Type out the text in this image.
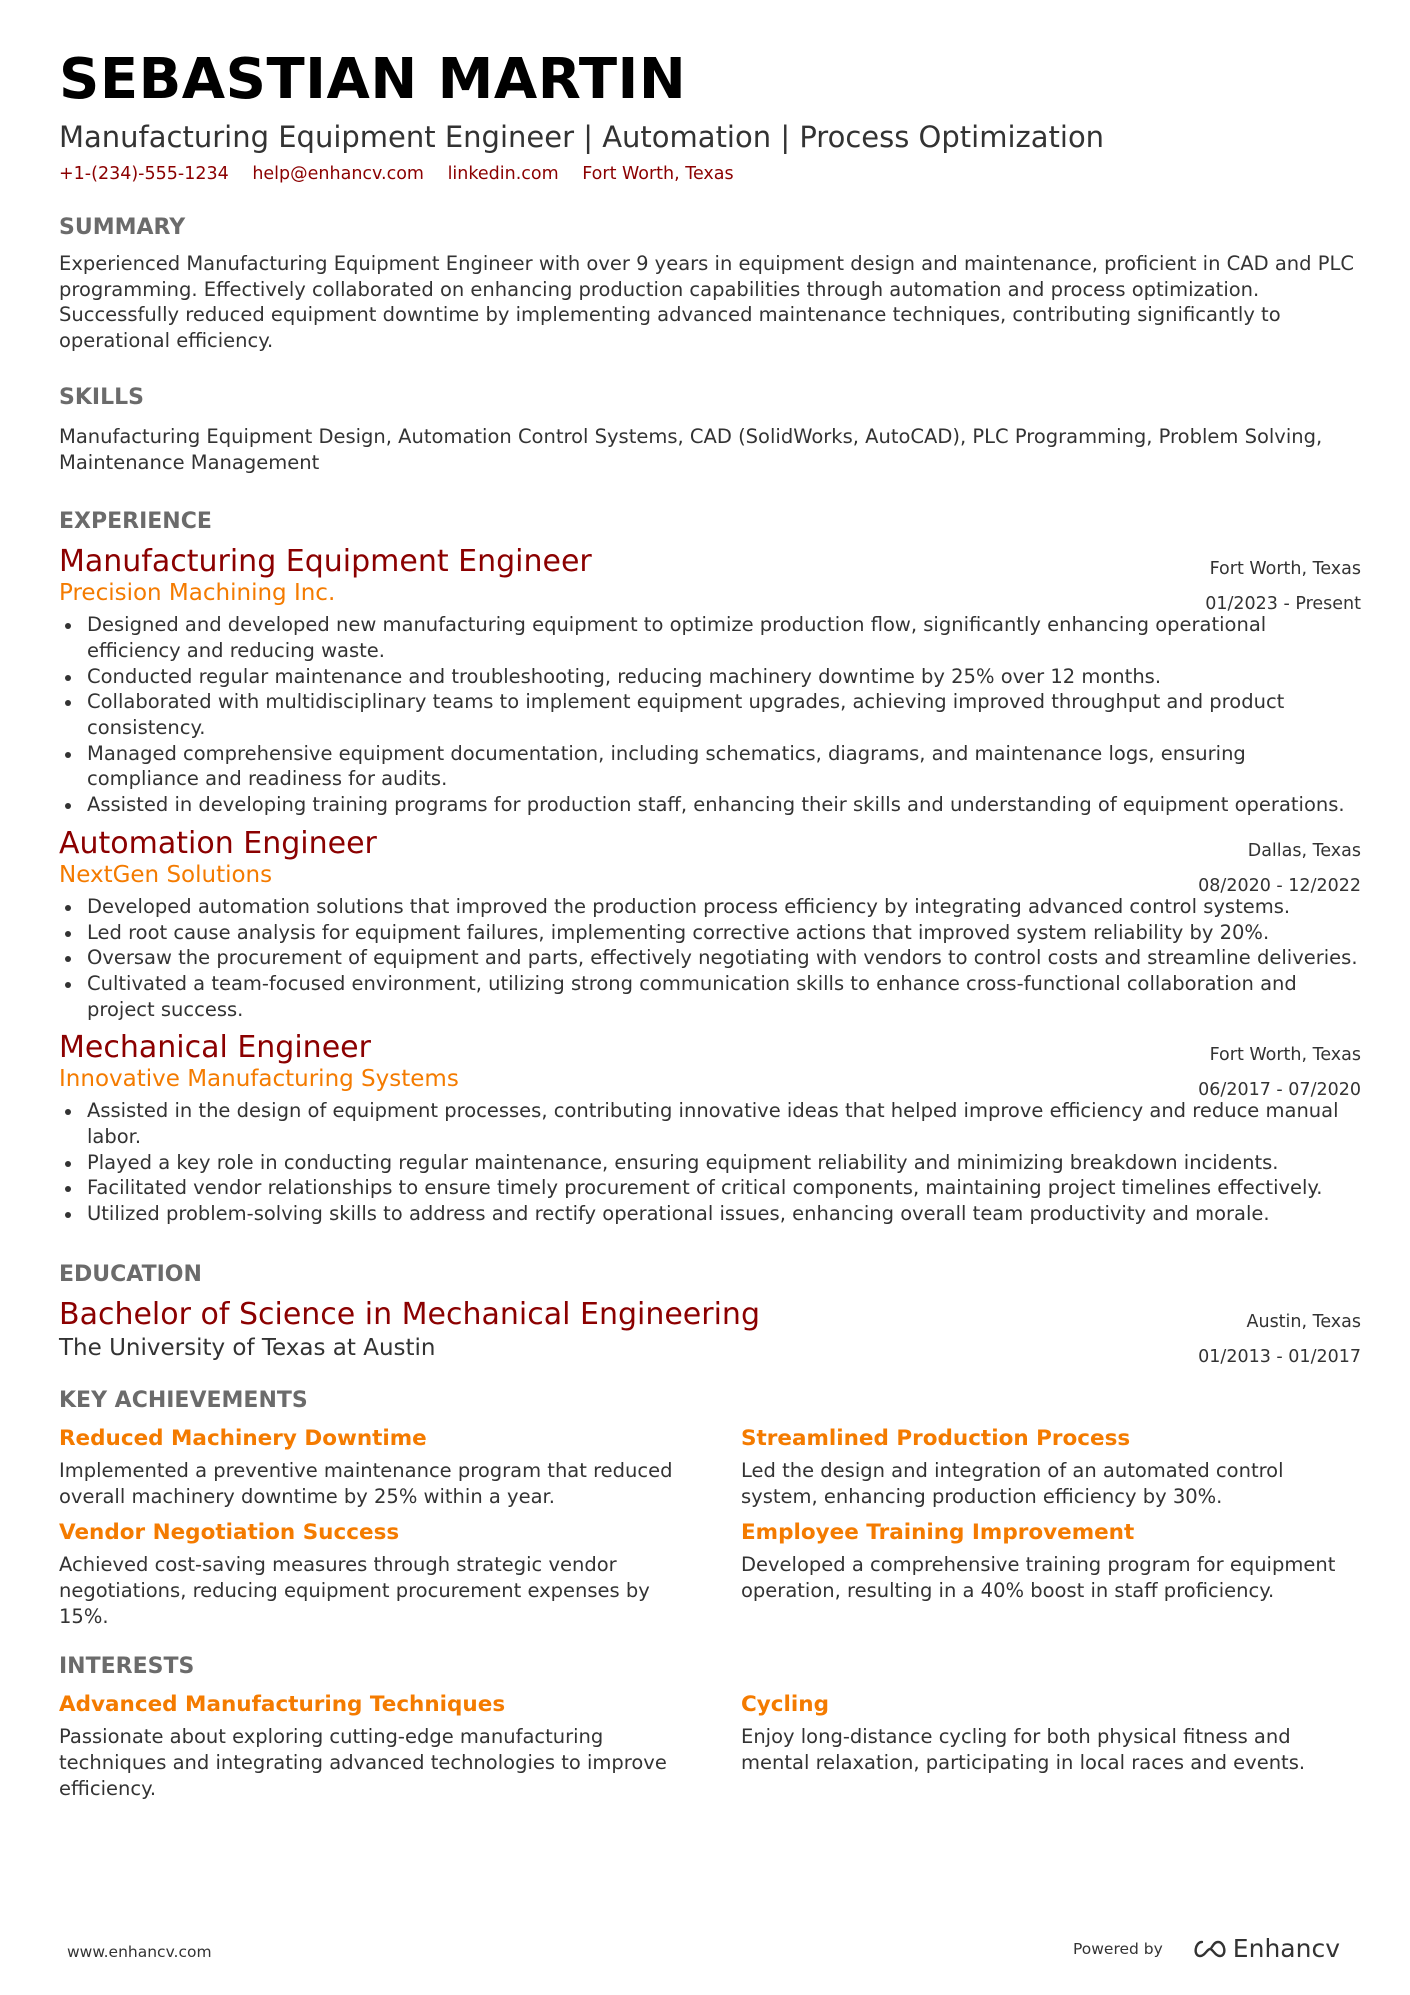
SEBASTIAN MARTIN
Manufacturing Equipment Engineer | Automation | Process Optimization
+1-(234)-555-1234 help@enhancv.com linkedin.com Fort Worth, Texas
SUMMARY
Experienced Manufacturing Equipment Engineer with over 9 years in equipment design and maintenance, proficient in CAD and PLC programming. Effectively collaborated on enhancing production capabilities through automation and process optimization. Successfully reduced equipment downtime by implementing advanced maintenance techniques, contributing significantly to operational efficiency.
SKILLS
Manufacturing Equipment Design, Automation Control Systems, CAD (SolidWorks, AutoCAD), PLC Programming, Problem Solving, Maintenance Management
EXPERIENCE
Manufacturing Equipment Engineer
Precision Machining Inc.
Fort Worth, Texas
01/2023 - Present
Designed and developed new manufacturing equipment to optimize production flow, significantly enhancing operational efficiency and reducing waste.
Conducted regular maintenance and troubleshooting, reducing machinery downtime by 25% over 12 months.
Collaborated with multidisciplinary teams to implement equipment upgrades, achieving improved throughput and product consistency.
Managed comprehensive equipment documentation, including schematics, diagrams, and maintenance logs, ensuring compliance and readiness for audits.
Assisted in developing training programs for production staff, enhancing their skills and understanding of equipment operations.
Automation Engineer
NextGen Solutions
Dallas, Texas
08/2020 - 12/2022
Developed automation solutions that improved the production process efficiency by integrating advanced control systems.
Led root cause analysis for equipment failures, implementing corrective actions that improved system reliability by 20%.
Oversaw the procurement of equipment and parts, effectively negotiating with vendors to control costs and streamline deliveries.
Cultivated a team-focused environment, utilizing strong communication skills to enhance cross-functional collaboration and project success.
Mechanical Engineer
Innovative Manufacturing Systems
Fort Worth, Texas
06/2017 - 07/2020
Assisted in the design of equipment processes, contributing innovative ideas that helped improve efficiency and reduce manual labor.
Played a key role in conducting regular maintenance, ensuring equipment reliability and minimizing breakdown incidents.
Facilitated vendor relationships to ensure timely procurement of critical components, maintaining project timelines effectively.
Utilized problem-solving skills to address and rectify operational issues, enhancing overall team productivity and morale.
EDUCATION
Bachelor of Science in Mechanical Engineering
The University of Texas at Austin
Austin, Texas
01/2013 - 01/2017
KEY ACHIEVEMENTS
Reduced Machinery Downtime
Implemented a preventive maintenance program that reduced overall machinery downtime by 25% within a year.
Streamlined Production Process
Led the design and integration of an automated control system, enhancing production efficiency by 30%.
Vendor Negotiation Success
Achieved cost-saving measures through strategic vendor negotiations, reducing equipment procurement expenses by 15%.
Employee Training Improvement
Developed a comprehensive training program for equipment operation, resulting in a 40% boost in staff proficiency.
INTERESTS
Advanced Manufacturing Techniques
Passionate about exploring cutting-edge manufacturing techniques and integrating advanced technologies to improve efficiency.
Cycling
Enjoy long-distance cycling for both physical fitness and mental relaxation, participating in local races and events.
www.enhancv.com	Powered by	Enhancv
